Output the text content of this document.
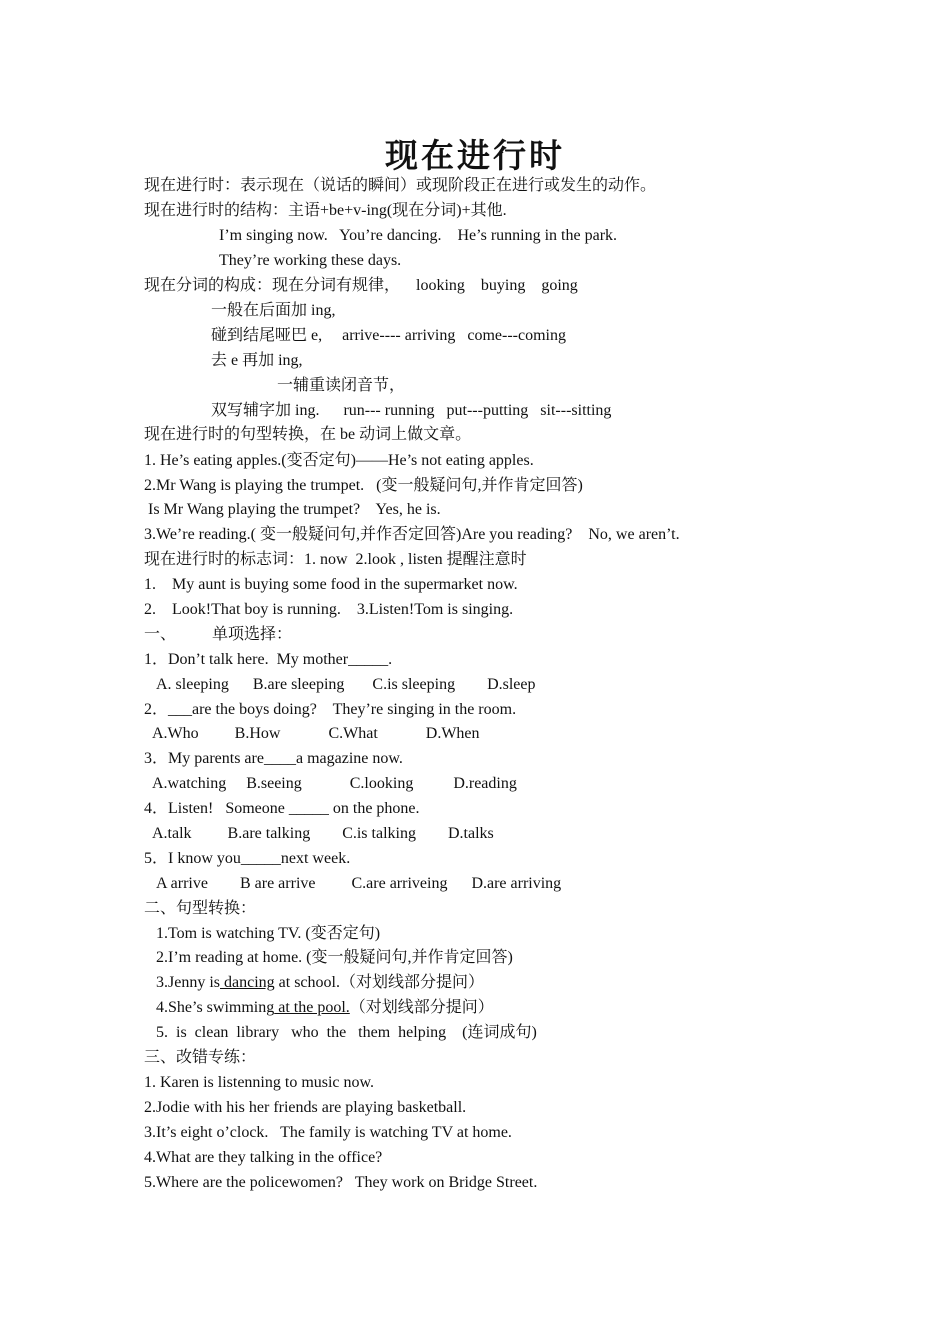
现在进行时
现在进行时：表示现在（说话的瞬间）或现阶段正在进行或发生的动作。
现在进行时的结构：主语+be+v-ing(现在分词)+其他.
I’m singing now.   You’re dancing.    He’s running in the park.
They’re working these days.
现在分词的构成：现在分词有规律，    looking    buying    going
一般在后面加 ing,
碰到结尾哑巴 e,     arrive---- arriving   come---coming
去 e 再加 ing,
一辅重读闭音节，
双写辅字加 ing.      run--- running   put---putting   sit---sitting
现在进行时的句型转换，在 be 动词上做文章。
1. He’s eating apples.(变否定句)——He’s not eating apples.
2.Mr Wang is playing the trumpet.   (变一般疑问句,并作肯定回答)
Is Mr Wang playing the trumpet?    Yes, he is.
3.We’re reading.( 变一般疑问句,并作否定回答)Are you reading?    No, we aren’t.
现在进行时的标志词：1. now  2.look , listen 提醒注意时
1.    My aunt is buying some food in the supermarket now.
2.    Look!That boy is running.    3.Listen!Tom is singing.
一、         单项选择：
1．Don’t talk here.  My mother_____.
A. sleeping      B.are sleeping       C.is sleeping        D.sleep
2．___are the boys doing?    They’re singing in the room.
A.Who         B.How            C.What            D.When
3．My parents are____a magazine now.
A.watching     B.seeing            C.looking          D.reading
4．Listen!   Someone _____ on the phone.
A.talk         B.are talking        C.is talking        D.talks
5．I know you_____next week.
A arrive        B are arrive         C.are arriveing      D.are arriving
二、句型转换：
1.Tom is watching TV. (变否定句)
2.I’m reading at home. (变一般疑问句,并作肯定回答)
3.Jenny is dancing at school.（对划线部分提问）
4.She’s swimming at the pool.（对划线部分提问）
5.  is  clean  library   who  the   them  helping    (连词成句)
三、改错专练：
1. Karen is listenning to music now.
2.Jodie with his her friends are playing basketball.
3.It’s eight o’clock.   The family is watching TV at home.
4.What are they talking in the office?
5.Where are the policewomen?   They work on Bridge Street.
